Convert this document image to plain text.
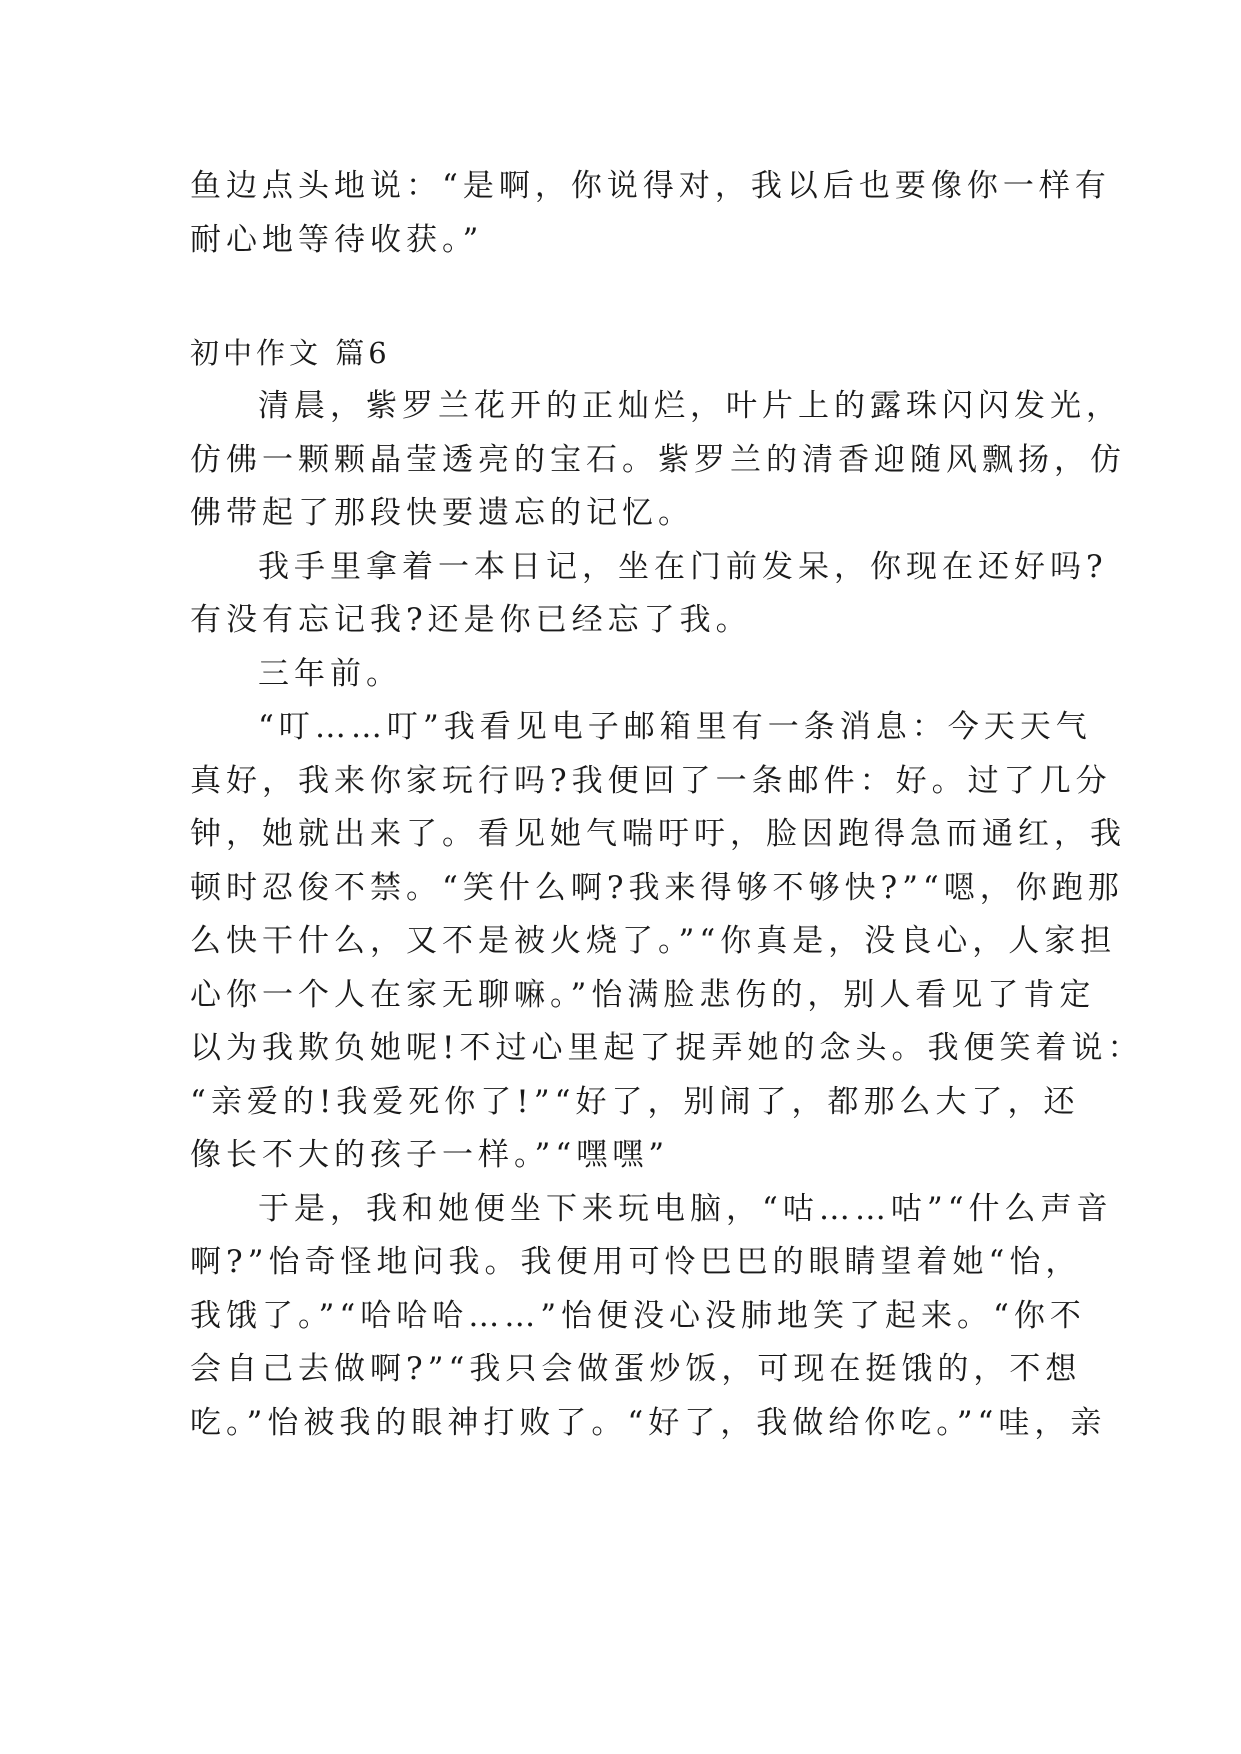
鱼边点头地说：“是啊，你说得对，我以后也要像你一样有

耐心地等待收获。”

初中作文 篇6

清晨，紫罗兰花开的正灿烂，叶片上的露珠闪闪发光，

仿佛一颗颗晶莹透亮的宝石。紫罗兰的清香迎随风飘扬，仿

佛带起了那段快要遗忘的记忆。

我手里拿着一本日记，坐在门前发呆，你现在还好吗?

有没有忘记我?还是你已经忘了我。

三年前。

“叮……叮”我看见电子邮箱里有一条消息：今天天气

真好，我来你家玩行吗?我便回了一条邮件：好。过了几分

钟，她就出来了。看见她气喘吁吁，脸因跑得急而通红，我

顿时忍俊不禁。“笑什么啊?我来得够不够快?”“嗯，你跑那

么快干什么，又不是被火烧了。”“你真是，没良心，人家担

心你一个人在家无聊嘛。”怡满脸悲伤的，别人看见了肯定

以为我欺负她呢!不过心里起了捉弄她的念头。我便笑着说：

“亲爱的!我爱死你了!”“好了，别闹了，都那么大了，还

像长不大的孩子一样。”“嘿嘿”

于是，我和她便坐下来玩电脑，“咕……咕”“什么声音

啊?”怡奇怪地问我。我便用可怜巴巴的眼睛望着她“怡，

我饿了。”“哈哈哈……”怡便没心没肺地笑了起来。“你不

会自己去做啊?”“我只会做蛋炒饭，可现在挺饿的，不想

吃。”怡被我的眼神打败了。“好了，我做给你吃。”“哇，亲
